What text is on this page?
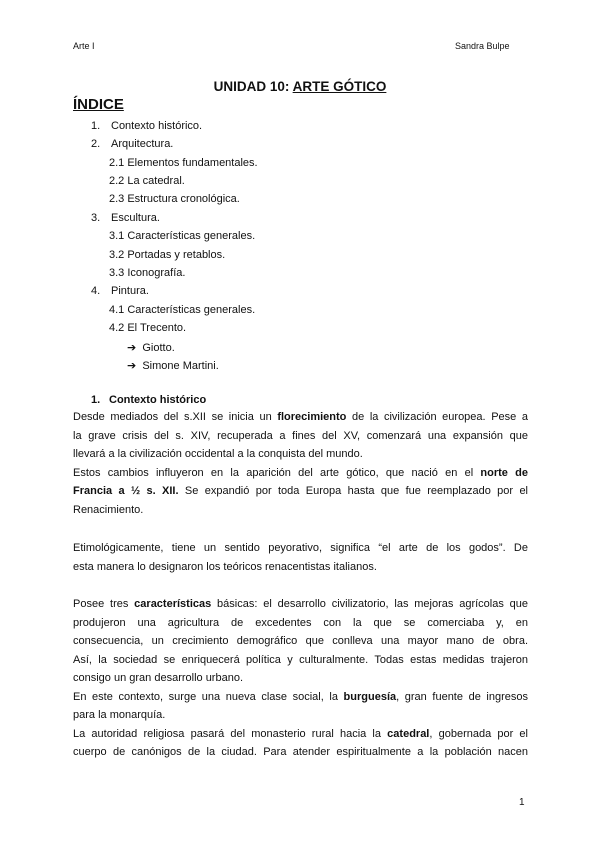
Arte I	Sandra Bulpe
UNIDAD 10: ARTE GÓTICO
ÍNDICE
1. Contexto histórico.
2. Arquitectura.
2.1 Elementos fundamentales.
2.2 La catedral.
2.3 Estructura cronológica.
3. Escultura.
3.1 Características generales.
3.2 Portadas y retablos.
3.3 Iconografía.
4. Pintura.
4.1 Características generales.
4.2 El Trecento.
➔ Giotto.
➔ Simone Martini.
1. Contexto histórico
Desde mediados del s.XII se inicia un florecimiento de la civilización europea. Pese a
la grave crisis del s. XIV, recuperada a fines del XV, comenzará una expansión que
llevará a la civilización occidental a la conquista del mundo.
Estos cambios influyeron en la aparición del arte gótico, que nació en el norte de
Francia a ½ s. XII. Se expandió por toda Europa hasta que fue reemplazado por el
Renacimiento.
Etimológicamente, tiene un sentido peyorativo, significa “el arte de los godos”. De
esta manera lo designaron los teóricos renacentistas italianos.
Posee tres características básicas: el desarrollo civilizatorio, las mejoras agrícolas que
produjeron una agricultura de excedentes con la que se comerciaba y, en
consecuencia, un crecimiento demográfico que conlleva una mayor mano de obra.
Así, la sociedad se enriquecerá política y culturalmente. Todas estas medidas trajeron
consigo un gran desarrollo urbano.
En este contexto, surge una nueva clase social, la burguesía, gran fuente de ingresos
para la monarquía.
La autoridad religiosa pasará del monasterio rural hacia la catedral, gobernada por el
cuerpo de canónigos de la ciudad. Para atender espiritualmente a la población nacen
1
